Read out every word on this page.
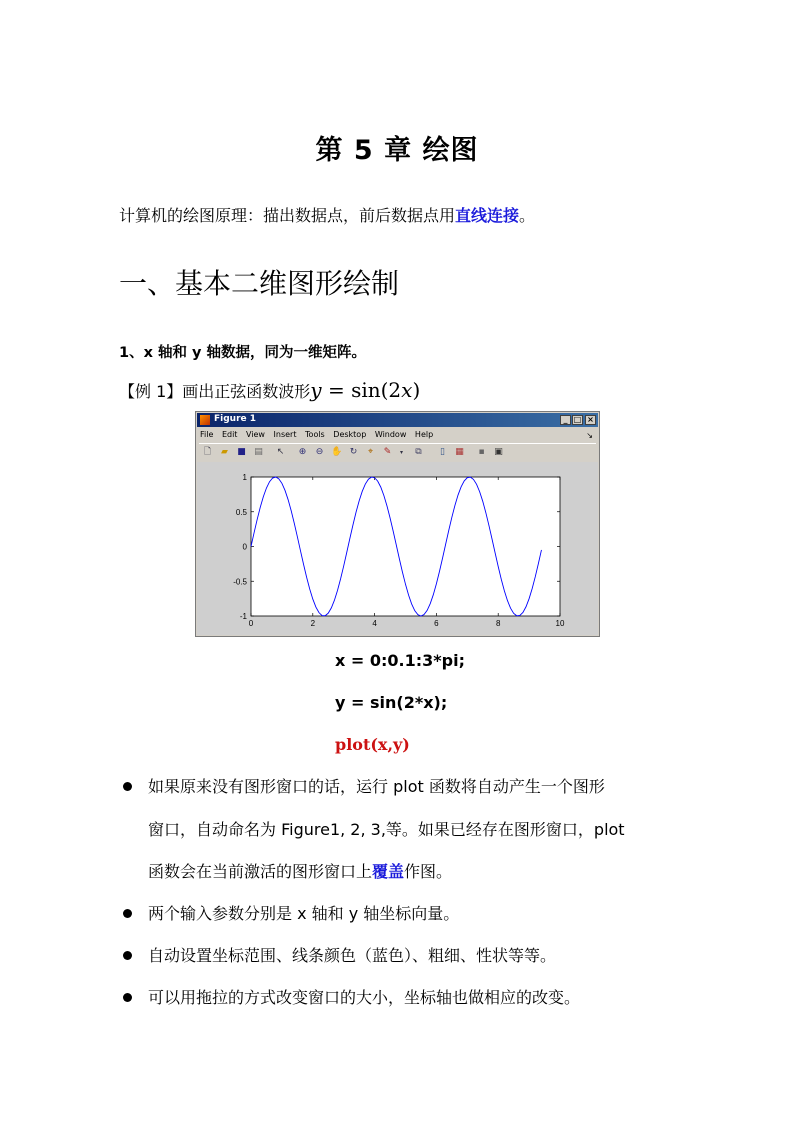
第 5 章 绘图
计算机的绘图原理：描出数据点，前后数据点用直线连接。
一、基本二维图形绘制
1、x 轴和 y 轴数据，同为一维矩阵。
【例 1】画出正弦函数波形y = sin(2x)
Figure 1	_ □ ×
File Edit View Insert Tools Desktop Window Help	↘
🗋 ▰ ■ ▤ ↖ ⊕ ⊖ ✋ ↻	⌖	✎	▾	⧉	▯	▦ ▪ ▣
0	2	4	6	8	10
1
0.5
0
-0.5
-1
x = 0:0.1:3*pi;
y = sin(2*x);
plot(x,y)
如果原来没有图形窗口的话，运行 plot 函数将自动产生一个图形
窗口，自动命名为 Figure1, 2, 3,等。如果已经存在图形窗口，plot
函数会在当前激活的图形窗口上覆盖作图。
两个输入参数分别是 x 轴和 y 轴坐标向量。
自动设置坐标范围、线条颜色（蓝色）、粗细、性状等等。
可以用拖拉的方式改变窗口的大小，坐标轴也做相应的改变。
